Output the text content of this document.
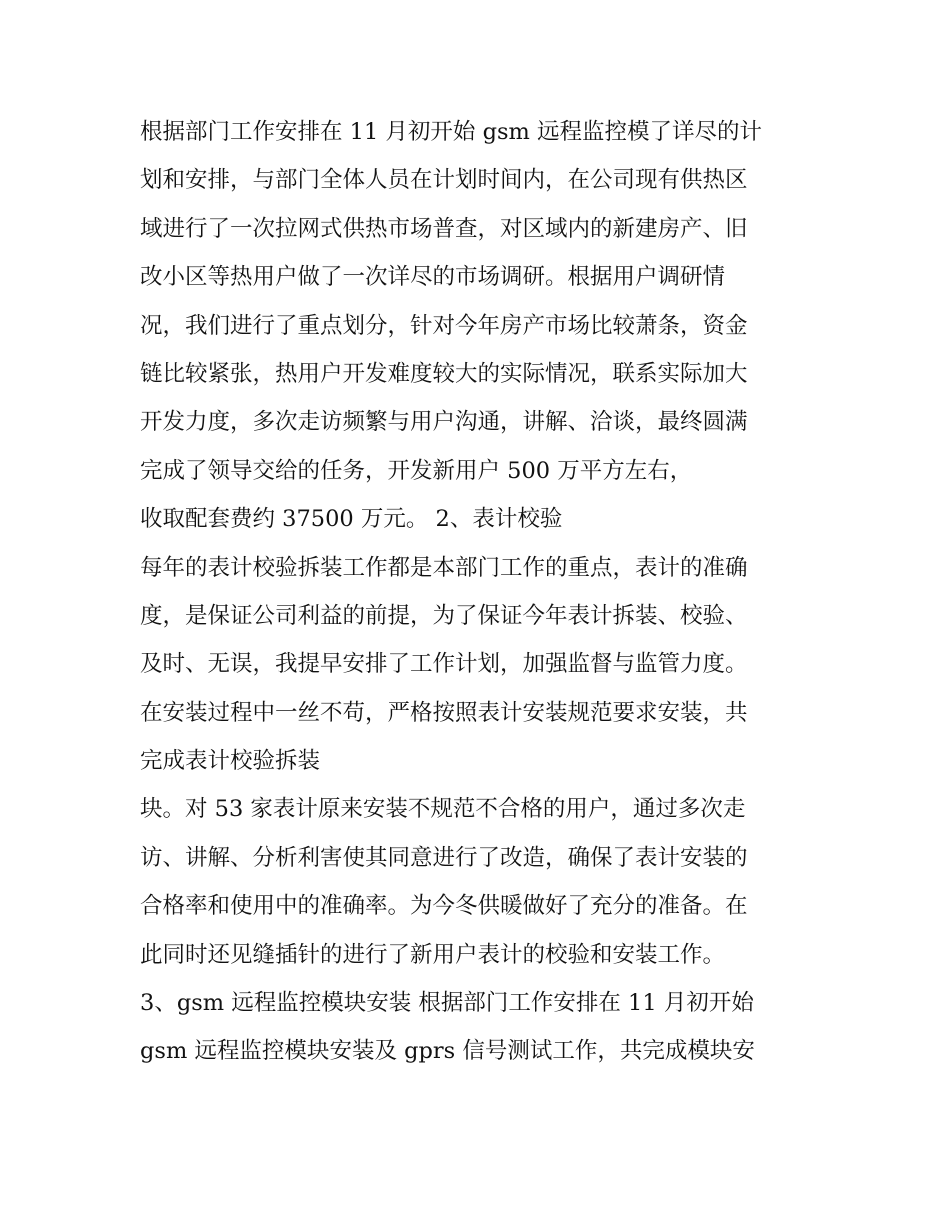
根据部门工作安排在 11 月初开始 gsm 远程监控模了详尽的计
划和安排，与部门全体人员在计划时间内，在公司现有供热区
域进行了一次拉网式供热市场普查，对区域内的新建房产、旧
改小区等热用户做了一次详尽的市场调研。根据用户调研情
况，我们进行了重点划分，针对今年房产市场比较萧条，资金
链比较紧张，热用户开发难度较大的实际情况，联系实际加大
开发力度，多次走访频繁与用户沟通，讲解、洽谈，最终圆满
完成了领导交给的任务，开发新用户 500 万平方左右，
收取配套费约 37500 万元。 2、表计校验
每年的表计校验拆装工作都是本部门工作的重点，表计的准确
度，是保证公司利益的前提，为了保证今年表计拆装、校验、
及时、无误，我提早安排了工作计划，加强监督与监管力度。
在安装过程中一丝不苟，严格按照表计安装规范要求安装，共
完成表计校验拆装
块。对 53 家表计原来安装不规范不合格的用户，通过多次走
访、讲解、分析利害使其同意进行了改造，确保了表计安装的
合格率和使用中的准确率。为今冬供暖做好了充分的准备。在
此同时还见缝插针的进行了新用户表计的校验和安装工作。
3、gsm 远程监控模块安装 根据部门工作安排在 11 月初开始
gsm 远程监控模块安装及 gprs 信号测试工作，共完成模块安
